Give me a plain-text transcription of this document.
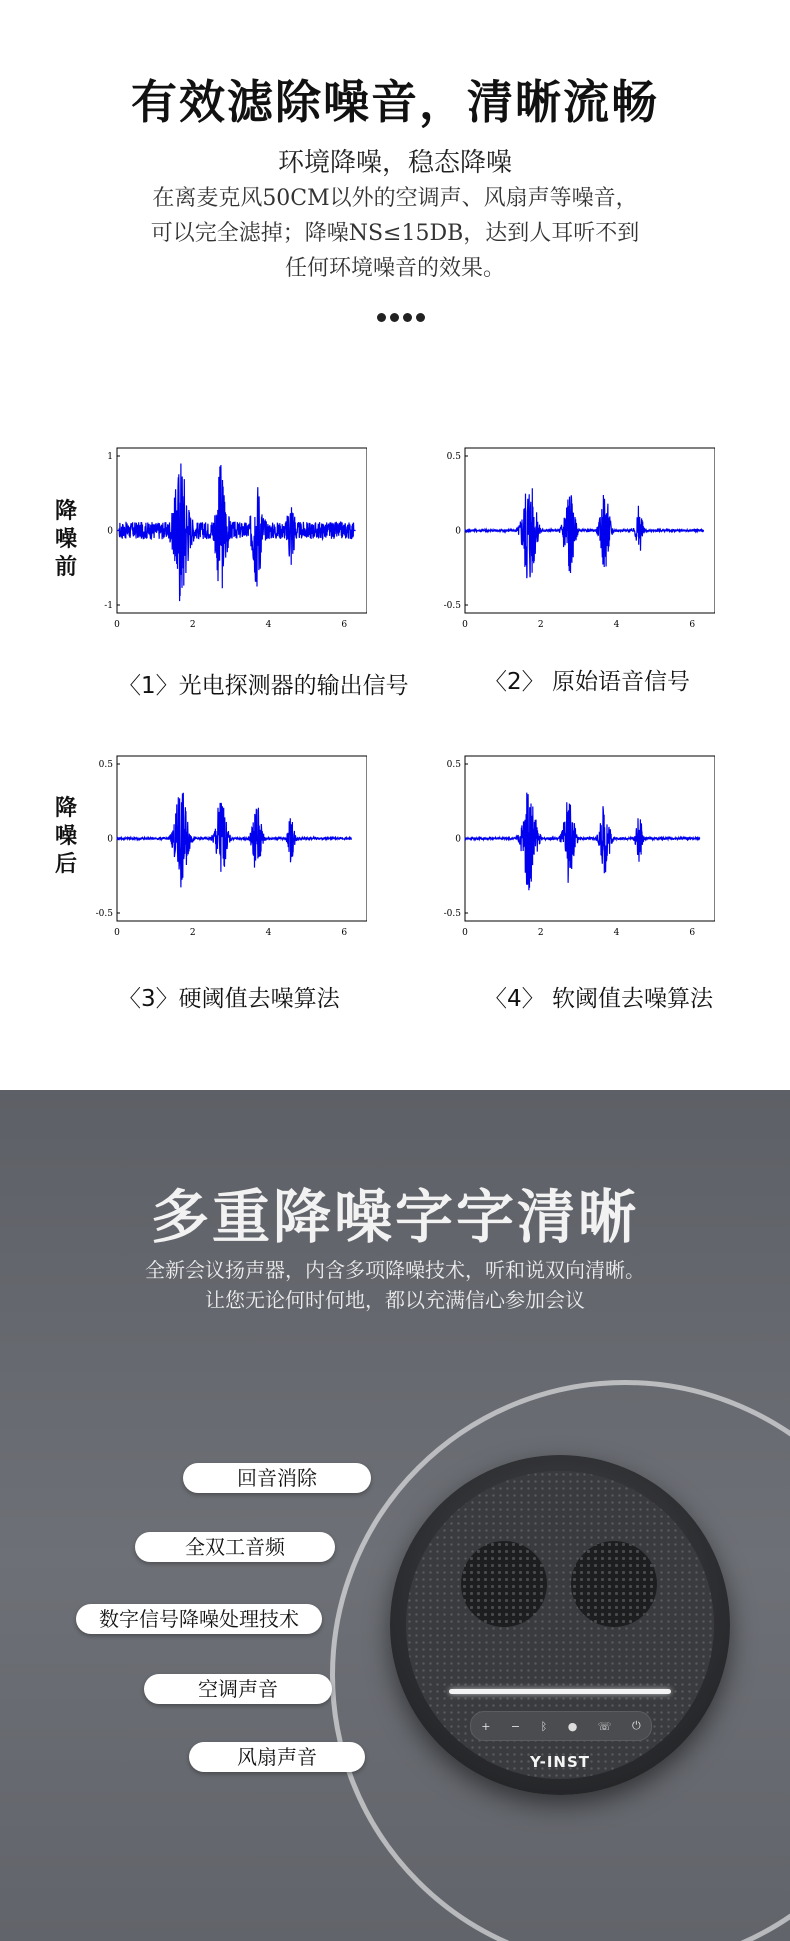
有效滤除噪音，清晰流畅
环境降噪，稳态降噪
在离麦克风50CM以外的空调声、风扇声等噪音，
可以完全滤掉；降噪NS≤15DB，达到人耳听不到
任何环境噪音的效果。
降
噪
前
降
噪
后
1
0
-1
0	2	4	6
0.5
0
-0.5
0	2	4	6
0.5
0
-0.5
0	2	4	6
0.5
0
-0.5
0	2	4	6
〈1〉光电探测器的输出信号	〈2〉 原始语音信号
〈3〉硬阈值去噪算法	〈4〉 软阈值去噪算法
多重降噪字字清晰
全新会议扬声器，内含多项降噪技术，听和说双向清晰。
让您无论何时何地，都以充满信心参加会议
回音消除
全双工音频
数字信号降噪处理技术
空调声音
风扇声音
+ − ᛒ ● ☏ ⏻
Y-INST
